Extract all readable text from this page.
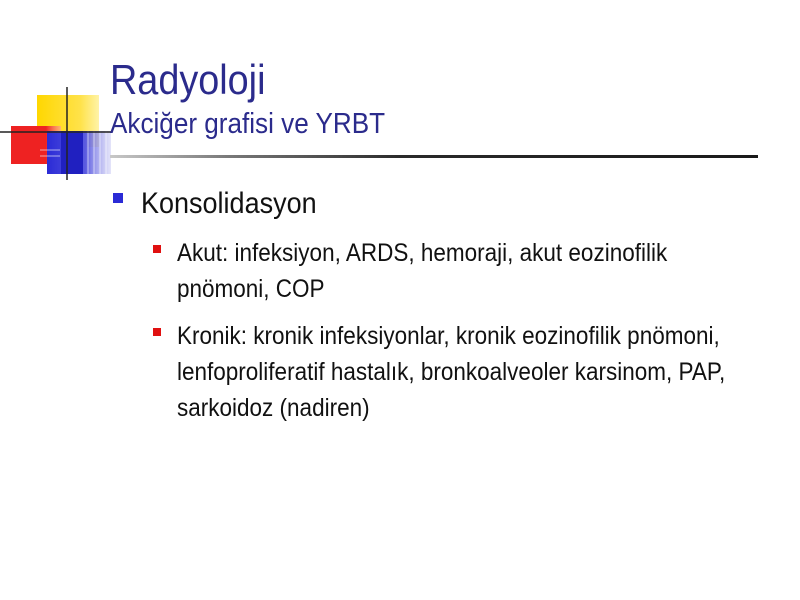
Radyoloji
Akciğer grafisi ve YRBT
Konsolidasyon
Akut: infeksiyon, ARDS, hemoraji, akut eozinofilik pnömoni, COP
Kronik: kronik infeksiyonlar, kronik eozinofilik pnömoni, lenfoproliferatif hastalık, bronkoalveoler karsinom, PAP, sarkoidoz (nadiren)
